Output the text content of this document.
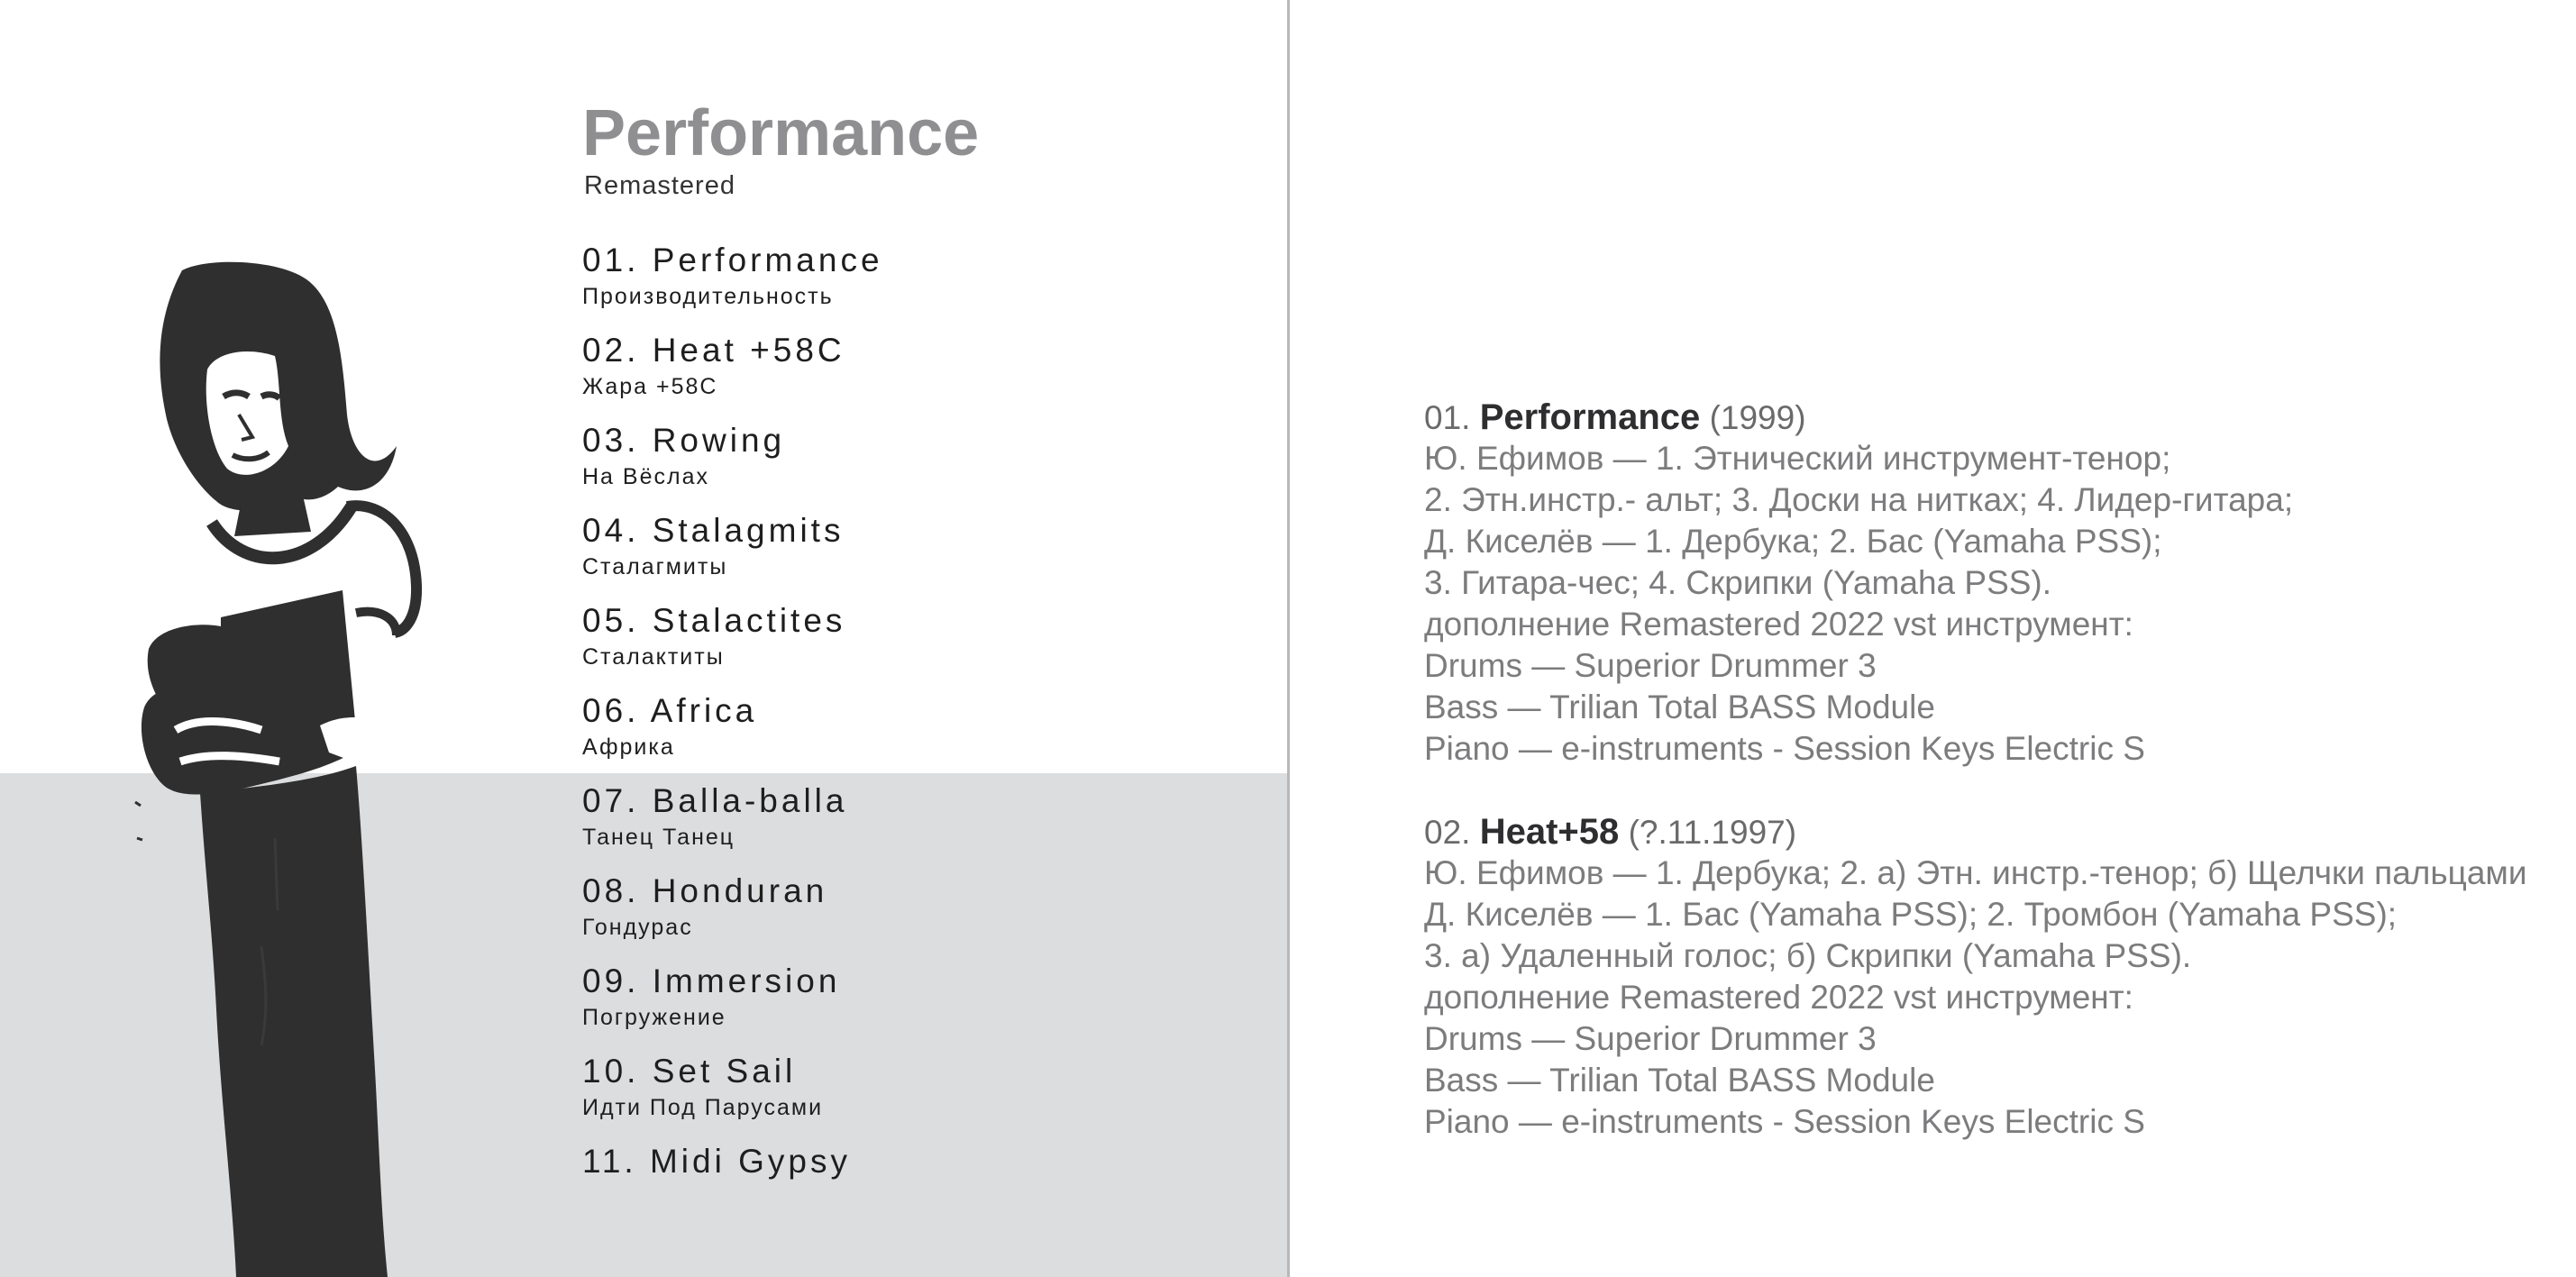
Performance
Remastered
01. Performance
Производительность
02. Heat +58C
Жара +58С
03. Rowing
На Вёслах
04. Stalagmits
Сталагмиты
05. Stalactites
Сталактиты
06. Africa
Африка
07. Balla-balla
Танец Танец
08. Honduran
Гондурас
09. Immersion
Погружение
10. Set Sail
Идти Под Парусами
11. Midi Gypsy
01. Performance (1999)
Ю. Ефимов — 1. Этнический инструмент-тенор;
2. Этн.инстр.- альт; 3. Доски на нитках; 4. Лидер-гитара;
Д. Киселёв — 1. Дербука; 2. Бас (Yamaha PSS);
3. Гитара-чес; 4. Скрипки (Yamaha PSS).
дополнение Remastered 2022 vst инструмент:
Drums — Superior Drummer 3
Bass — Trilian Total BASS Module
Piano — e-instruments - Session Keys Electric S
02. Heat+58 (?.11.1997)
Ю. Ефимов — 1. Дербука; 2. а) Этн. инстр.-тенор; б) Щелчки пальцами
Д. Киселёв — 1. Бас (Yamaha PSS); 2. Тромбон (Yamaha PSS);
3. а) Удаленный голос; б) Скрипки (Yamaha PSS).
дополнение Remastered 2022 vst инструмент:
Drums — Superior Drummer 3
Bass — Trilian Total BASS Module
Piano — e-instruments - Session Keys Electric S
